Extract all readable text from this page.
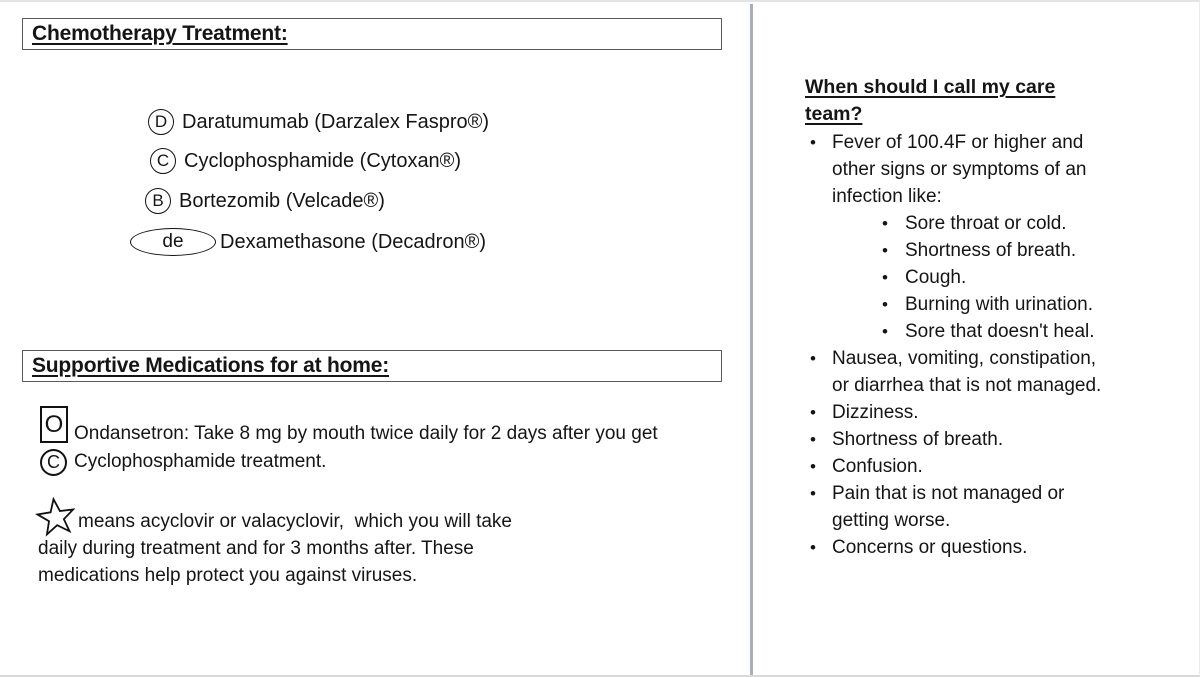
Chemotherapy Treatment:
D Daratumumab (Darzalex Faspro®)
C Cyclophosphamide (Cytoxan®)
B Bortezomib (Velcade®)
de	Dexamethasone (Decadron®)
Supportive Medications for at home:
O
C
Ondansetron: Take 8 mg by mouth twice daily for 2 days after you get
Cyclophosphamide treatment.

means acyclovir or valacyclovir,  which you will take daily during treatment and for 3 months after. These medications help protect you against viruses.

When should I call my care team?
• Fever of 100.4F or higher and other signs or symptoms of an infection like:
• Sore throat or cold.
• Shortness of breath.
• Cough.
• Burning with urination.
• Sore that doesn't heal.
• Nausea, vomiting, constipation, or diarrhea that is not managed.
• Dizziness.
• Shortness of breath.
• Confusion.
• Pain that is not managed or getting worse.
• Concerns or questions.
